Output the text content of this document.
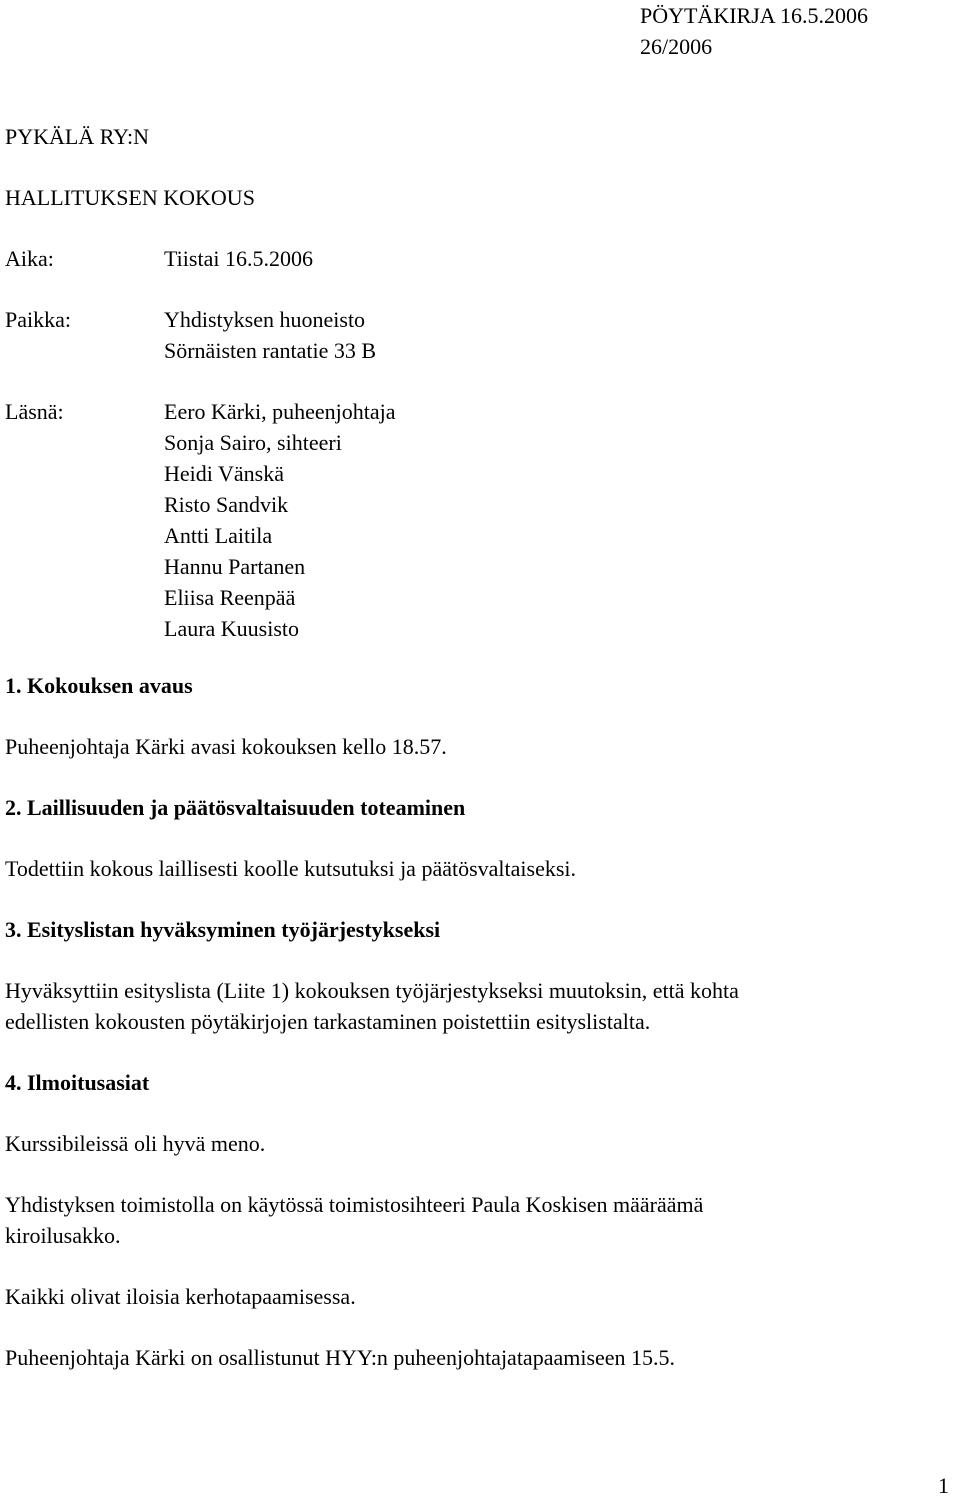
PÖYTÄKIRJA 16.5.2006
26/2006
PYKÄLÄ RY:N
HALLITUKSEN KOKOUS
Aika:	Tiistai 16.5.2006
Paikka:	Yhdistyksen huoneisto
Sörnäisten rantatie 33 B
Läsnä:	Eero Kärki, puheenjohtaja
Sonja Sairo, sihteeri
Heidi Vänskä
Risto Sandvik
Antti Laitila
Hannu Partanen
Eliisa Reenpää
Laura Kuusisto
1. Kokouksen avaus
Puheenjohtaja Kärki avasi kokouksen kello 18.57.
2. Laillisuuden ja päätösvaltaisuuden toteaminen
Todettiin kokous laillisesti koolle kutsutuksi ja päätösvaltaiseksi.
3. Esityslistan hyväksyminen työjärjestykseksi
Hyväksyttiin esityslista (Liite 1) kokouksen työjärjestykseksi muutoksin, että kohta
edellisten kokousten pöytäkirjojen tarkastaminen poistettiin esityslistalta.
4. Ilmoitusasiat
Kurssibileissä oli hyvä meno.
Yhdistyksen toimistolla on käytössä toimistosihteeri Paula Koskisen määräämä
kiroilusakko.
Kaikki olivat iloisia kerhotapaamisessa.
Puheenjohtaja Kärki on osallistunut HYY:n puheenjohtajatapaamiseen 15.5.
1
